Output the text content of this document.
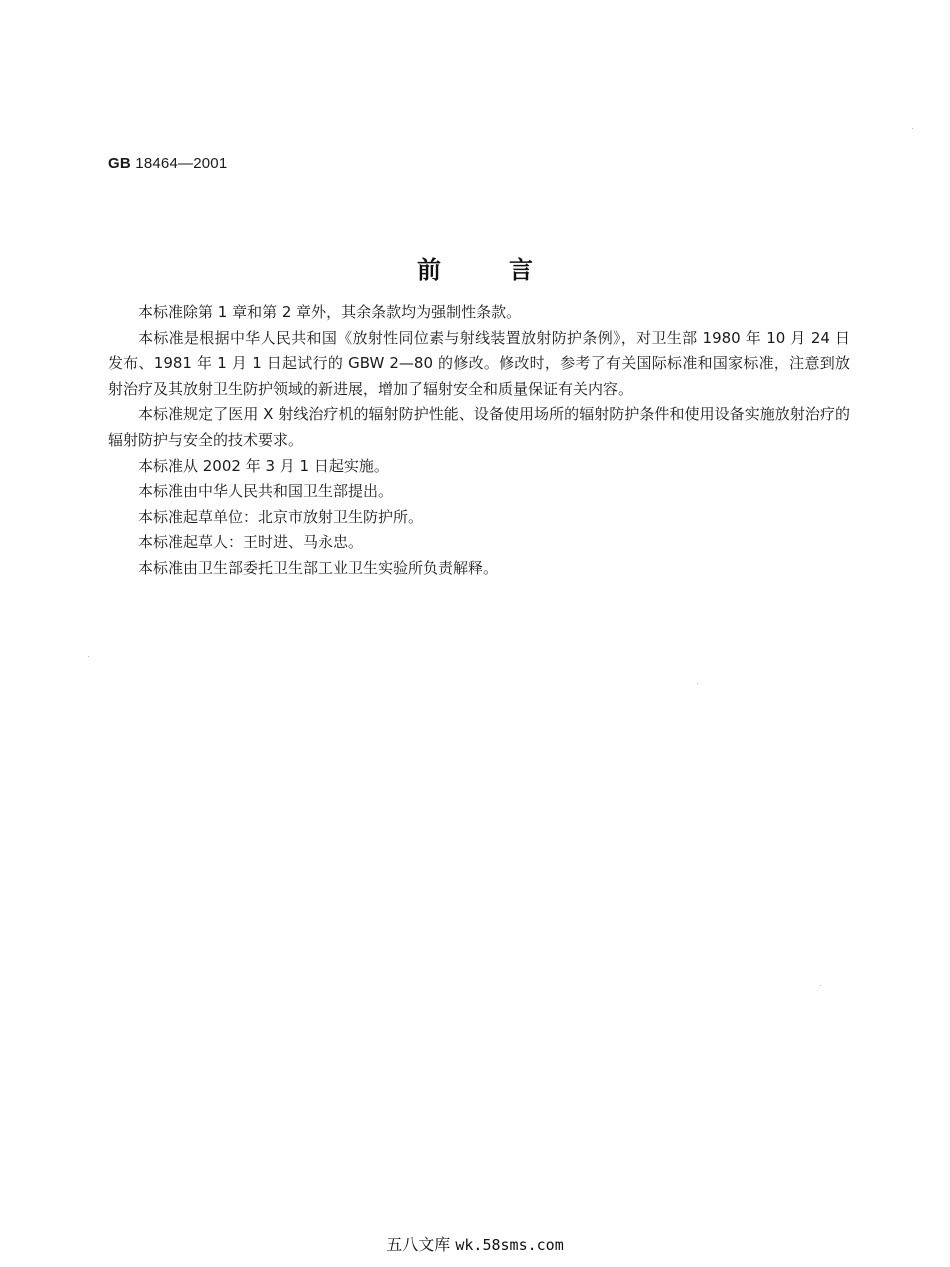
GB 18464—2001
前言

本标准除第 1 章和第 2 章外，其余条款均为强制性条款。

本标准是根据中华人民共和国《放射性同位素与射线装置放射防护条例》，对卫生部 1980 年 10 月 24 日发布、1981 年 1 月 1 日起试行的 GBW 2—80 的修改。修改时，参考了有关国际标准和国家标准，注意到放射治疗及其放射卫生防护领域的新进展，增加了辐射安全和质量保证有关内容。

本标准规定了医用 X 射线治疗机的辐射防护性能、设备使用场所的辐射防护条件和使用设备实施放射治疗的辐射防护与安全的技术要求。

本标准从 2002 年 3 月 1 日起实施。

本标准由中华人民共和国卫生部提出。

本标准起草单位：北京市放射卫生防护所。

本标准起草人：王时进、马永忠。

本标准由卫生部委托卫生部工业卫生实验所负责解释。

五八文库 wk.58sms.com
